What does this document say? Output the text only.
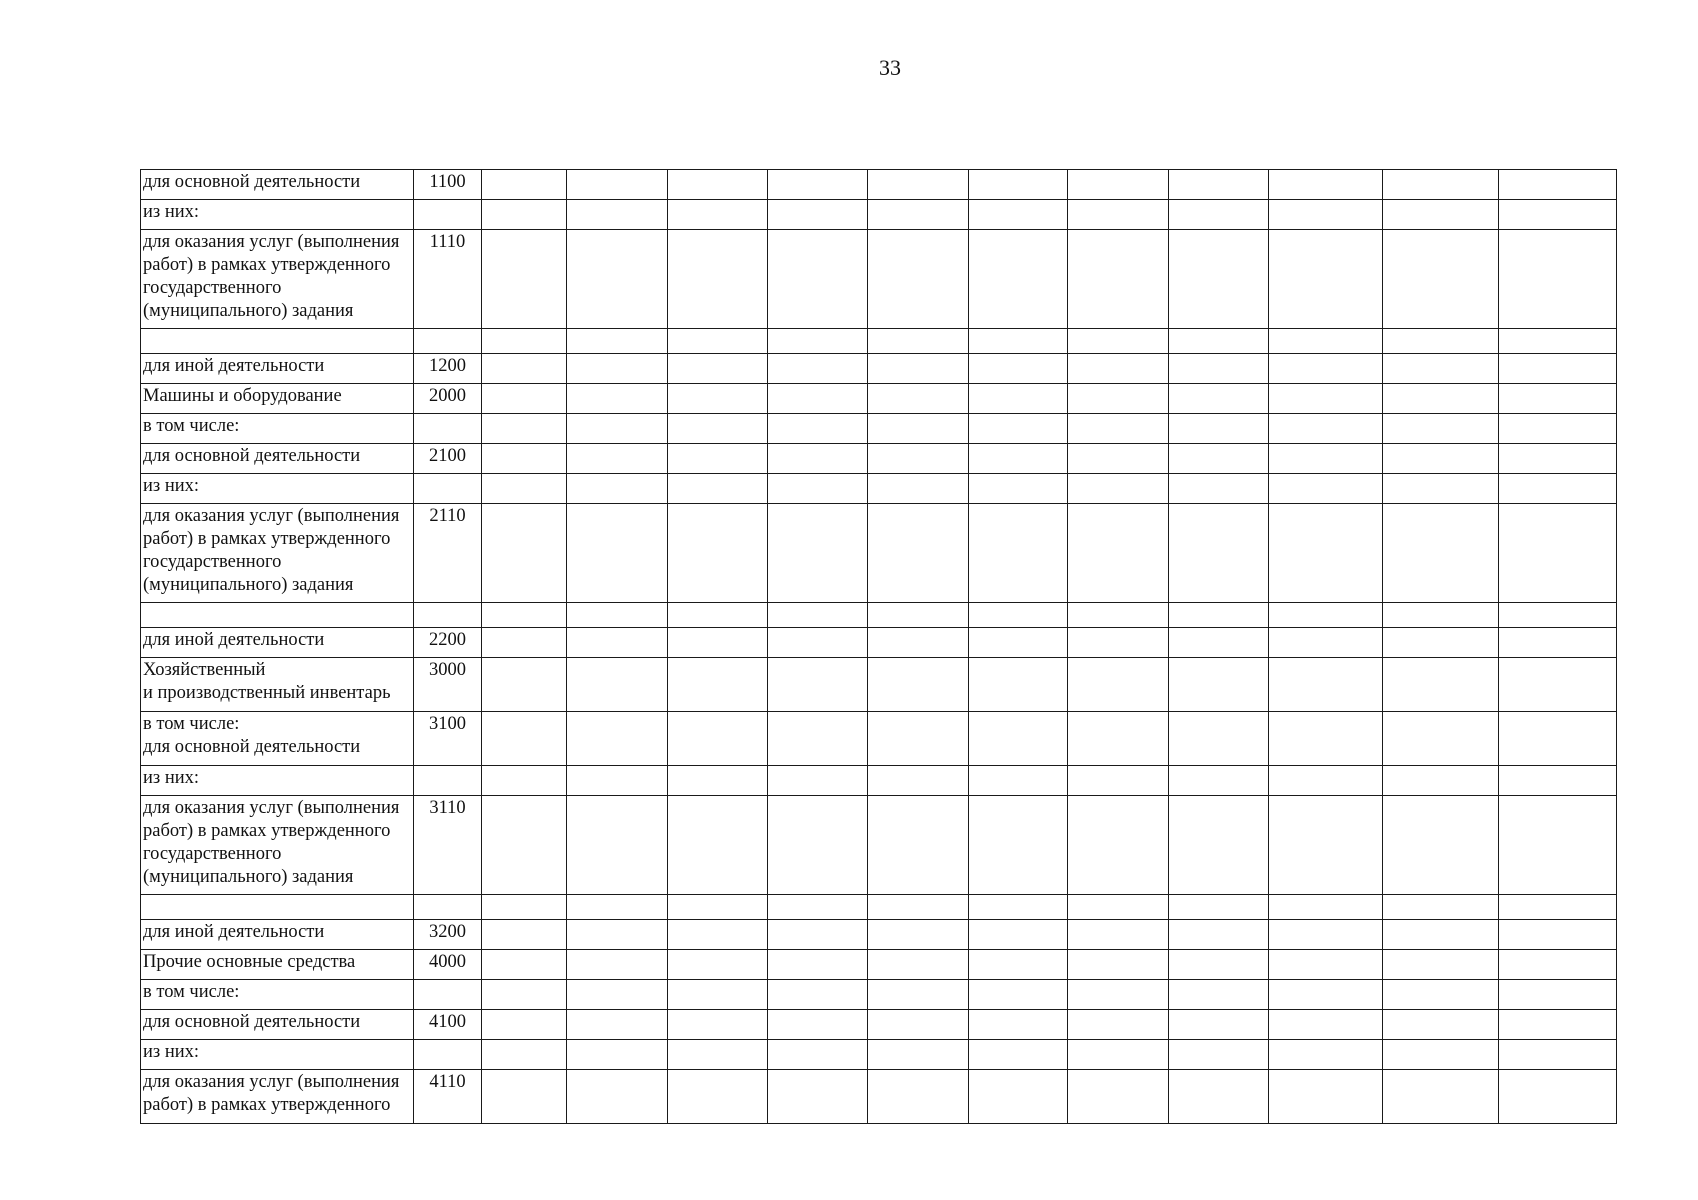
33
для основной деятельности	1100											
из них:												
для оказания услуг (выполнения
работ) в рамках утвержденного
государственного
(муниципального) задания	1110											

для иной деятельности	1200											
Машины и оборудование	2000											
в том числе:												
для основной деятельности	2100											
из них:												
для оказания услуг (выполнения
работ) в рамках утвержденного
государственного
(муниципального) задания	2110											

для иной деятельности	2200											
Хозяйственный
и производственный инвентарь	3000											
в том числе:
для основной деятельности	3100											
из них:												
для оказания услуг (выполнения
работ) в рамках утвержденного
государственного
(муниципального) задания	3110											

для иной деятельности	3200											
Прочие основные средства	4000											
в том числе:												
для основной деятельности	4100											
из них:												
для оказания услуг (выполнения
работ) в рамках утвержденного	4110											
